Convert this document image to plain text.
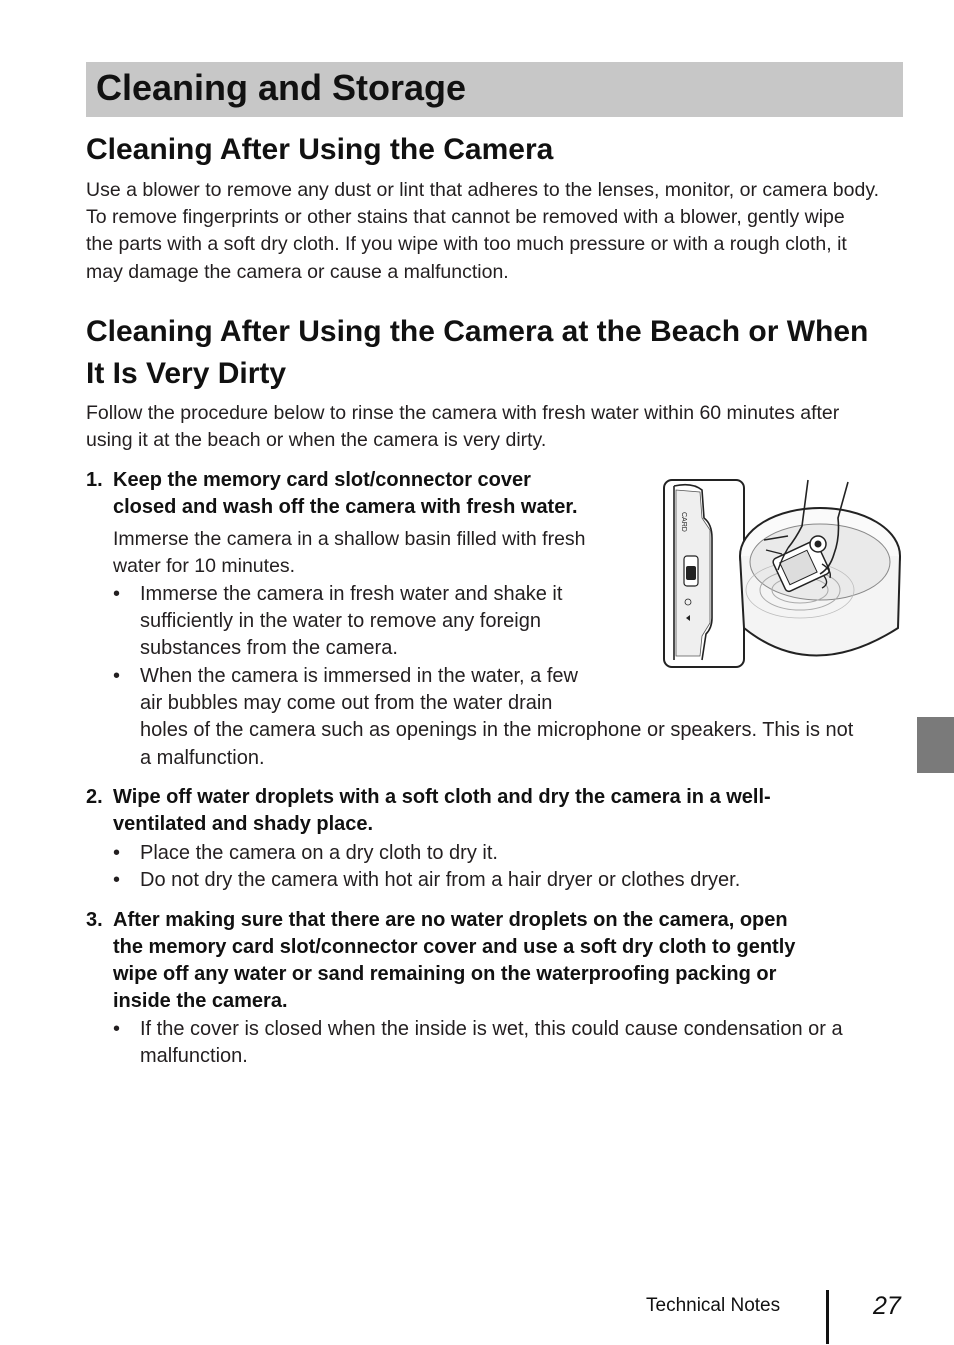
Cleaning and Storage
Cleaning After Using the Camera

Use a blower to remove any dust or lint that adheres to the lenses, monitor, or camera body.
To remove fingerprints or other stains that cannot be removed with a blower, gently wipe
the parts with a soft dry cloth. If you wipe with too much pressure or with a rough cloth, it
may damage the camera or cause a malfunction.

Cleaning After Using the Camera at the Beach or When
It Is Very Dirty

Follow the procedure below to rinse the camera with fresh water within 60 minutes after
using it at the beach or when the camera is very dirty.

1. Keep the memory card slot/connector cover
closed and wash off the camera with fresh water.

Immerse the camera in a shallow basin filled with fresh
water for 10 minutes.

• Immerse the camera in fresh water and shake it
sufficiently in the water to remove any foreign
substances from the camera.
• When the camera is immersed in the water, a few
air bubbles may come out from the water drain
holes of the camera such as openings in the microphone or speakers. This is not
a malfunction.
CARD
2. Wipe off water droplets with a soft cloth and dry the camera in a well-
ventilated and shady place.
• Place the camera on a dry cloth to dry it.
• Do not dry the camera with hot air from a hair dryer or clothes dryer.
3. After making sure that there are no water droplets on the camera, open
the memory card slot/connector cover and use a soft dry cloth to gently
wipe off any water or sand remaining on the waterproofing packing or
inside the camera.
• If the cover is closed when the inside is wet, this could cause condensation or a
malfunction.
Technical Notes	27
